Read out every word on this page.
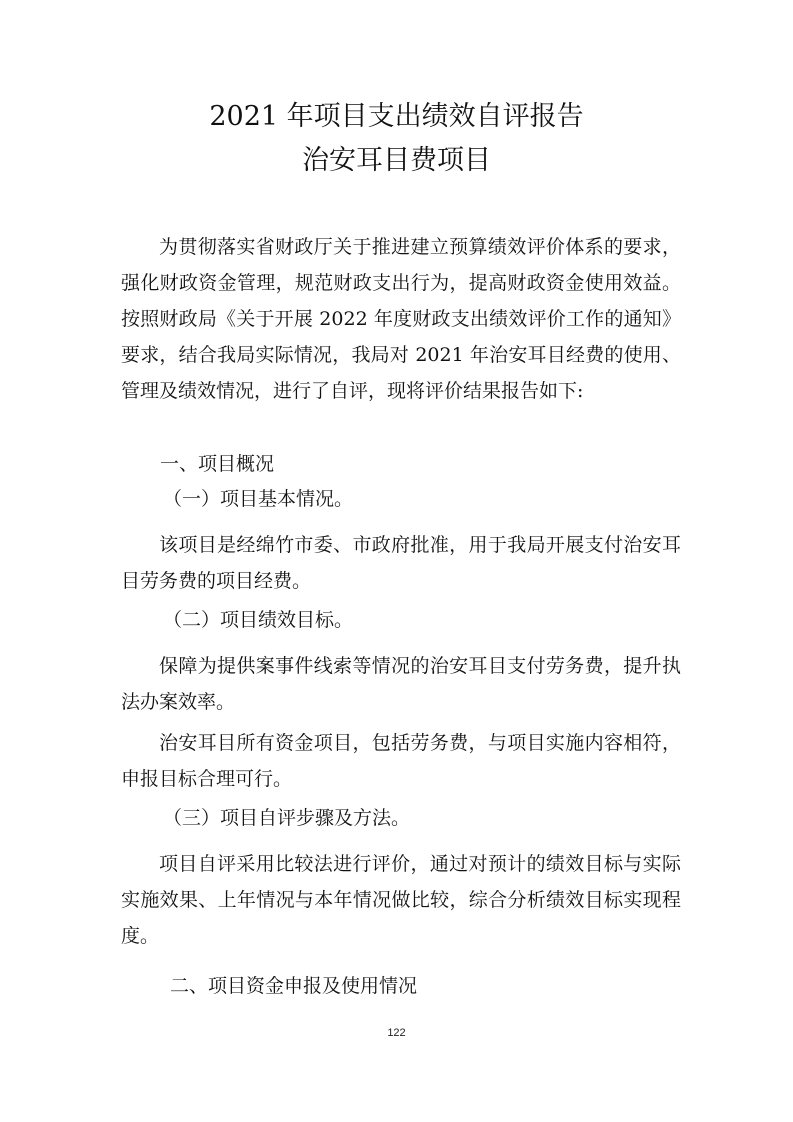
2021 年项目支出绩效自评报告
治安耳目费项目
为贯彻落实省财政厅关于推进建立预算绩效评价体系的要求，强化财政资金管理，规范财政支出行为，提高财政资金使用效益。按照财政局《关于开展 2022 年度财政支出绩效评价工作的通知》要求，结合我局实际情况，我局对 2021 年治安耳目经费的使用、管理及绩效情况，进行了自评，现将评价结果报告如下:
一、项目概况
（一）项目基本情况。
该项目是经绵竹市委、市政府批准，用于我局开展支付治安耳目劳务费的项目经费。
（二）项目绩效目标。
保障为提供案事件线索等情况的治安耳目支付劳务费，提升执法办案效率。
治安耳目所有资金项目，包括劳务费，与项目实施内容相符，申报目标合理可行。
（三）项目自评步骤及方法。
项目自评采用比较法进行评价，通过对预计的绩效目标与实际实施效果、上年情况与本年情况做比较，综合分析绩效目标实现程度。
二、项目资金申报及使用情况
122
